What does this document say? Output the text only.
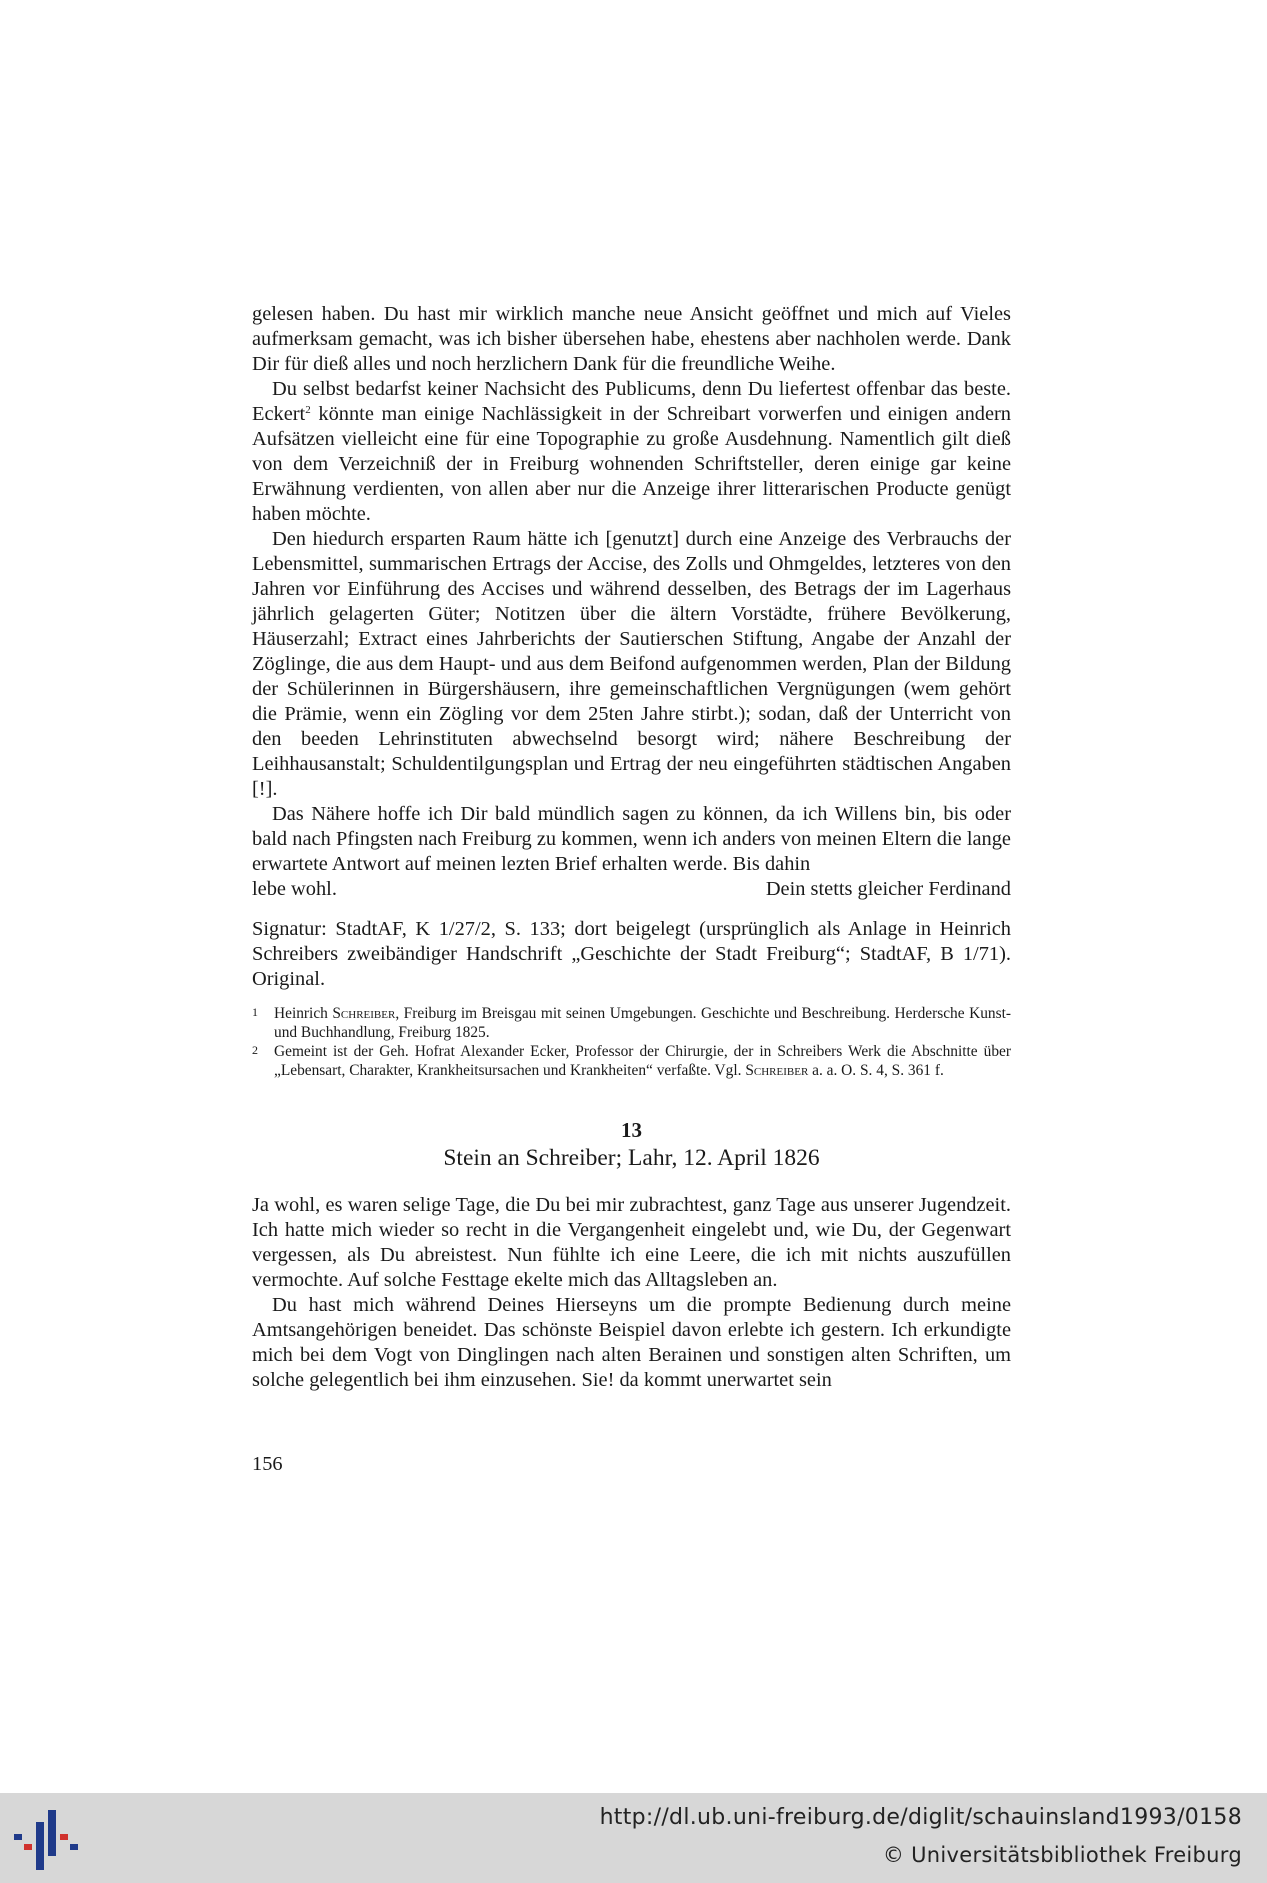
gelesen haben. Du hast mir wirklich manche neue Ansicht geöffnet und mich auf Vieles aufmerksam gemacht, was ich bisher übersehen habe, ehestens aber nachholen werde. Dank Dir für dieß alles und noch herzlichern Dank für die freundliche Weihe.

Du selbst bedarfst keiner Nachsicht des Publicums, denn Du liefertest offenbar das beste. Eckert$^2$ könnte man einige Nachlässigkeit in der Schreibart vorwerfen und einigen andern Aufsätzen vielleicht eine für eine Topographie zu große Ausdehnung. Namentlich gilt dieß von dem Verzeichniß der in Freiburg wohnenden Schriftsteller, deren einige gar keine Erwähnung verdienten, von allen aber nur die Anzeige ihrer litterarischen Producte genügt haben möchte.

Den hiedurch ersparten Raum hätte ich [genutzt] durch eine Anzeige des Verbrauchs der Lebensmittel, summarischen Ertrags der Accise, des Zolls und Ohmgeldes, letzteres von den Jahren vor Einführung des Accises und während desselben, des Betrags der im Lagerhaus jährlich gelagerten Güter; Notitzen über die ältern Vorstädte, frühere Bevölkerung, Häuserzahl; Extract eines Jahrberichts der Sautierschen Stiftung, Angabe der Anzahl der Zöglinge, die aus dem Haupt- und aus dem Beifond aufgenommen werden, Plan der Bildung der Schülerinnen in Bürgershäusern, ihre gemeinschaftlichen Vergnügungen (wem gehört die Prämie, wenn ein Zögling vor dem 25ten Jahre stirbt.); sodan, daß der Unterricht von den beeden Lehrinstituten abwechselnd besorgt wird; nähere Beschreibung der Leihhausanstalt; Schuldentilgungsplan und Ertrag der neu eingeführten städtischen Angaben [!].

Das Nähere hoffe ich Dir bald mündlich sagen zu können, da ich Willens bin, bis oder bald nach Pfingsten nach Freiburg zu kommen, wenn ich anders von meinen Eltern die lange erwartete Antwort auf meinen lezten Brief erhalten werde. Bis dahin

lebe wohl.	Dein stetts gleicher Ferdinand
Signatur: StadtAF, K 1/27/2, S. 133; dort beigelegt (ursprünglich als Anlage in Heinrich Schreibers zweibändiger Handschrift „Geschichte der Stadt Freiburg“; StadtAF, B 1/71). Original.
1	Heinrich Schreiber, Freiburg im Breisgau mit seinen Umgebungen. Geschichte und Beschreibung. Herdersche Kunst- und Buchhandlung, Freiburg 1825.
2	Gemeint ist der Geh. Hofrat Alexander Ecker, Professor der Chirurgie, der in Schreibers Werk die Abschnitte über „Lebensart, Charakter, Krankheitsursachen und Krankheiten“ verfaßte. Vgl. Schreiber a. a. O. S. 4, S. 361 f.
13
Stein an Schreiber; Lahr, 12. April 1826

Ja wohl, es waren selige Tage, die Du bei mir zubrachtest, ganz Tage aus unserer Jugendzeit. Ich hatte mich wieder so recht in die Vergangenheit eingelebt und, wie Du, der Gegenwart vergessen, als Du abreistest. Nun fühlte ich eine Leere, die ich mit nichts auszufüllen vermochte. Auf solche Festtage ekelte mich das Alltagsleben an.

Du hast mich während Deines Hierseyns um die prompte Bedienung durch meine Amtsangehörigen beneidet. Das schönste Beispiel davon erlebte ich gestern. Ich erkundigte mich bei dem Vogt von Dinglingen nach alten Berainen und sonstigen alten Schriften, um solche gelegentlich bei ihm einzusehen. Sie! da kommt unerwartet sein

156
http://dl.ub.uni-freiburg.de/diglit/schauinsland1993/0158
© Universitätsbibliothek Freiburg
